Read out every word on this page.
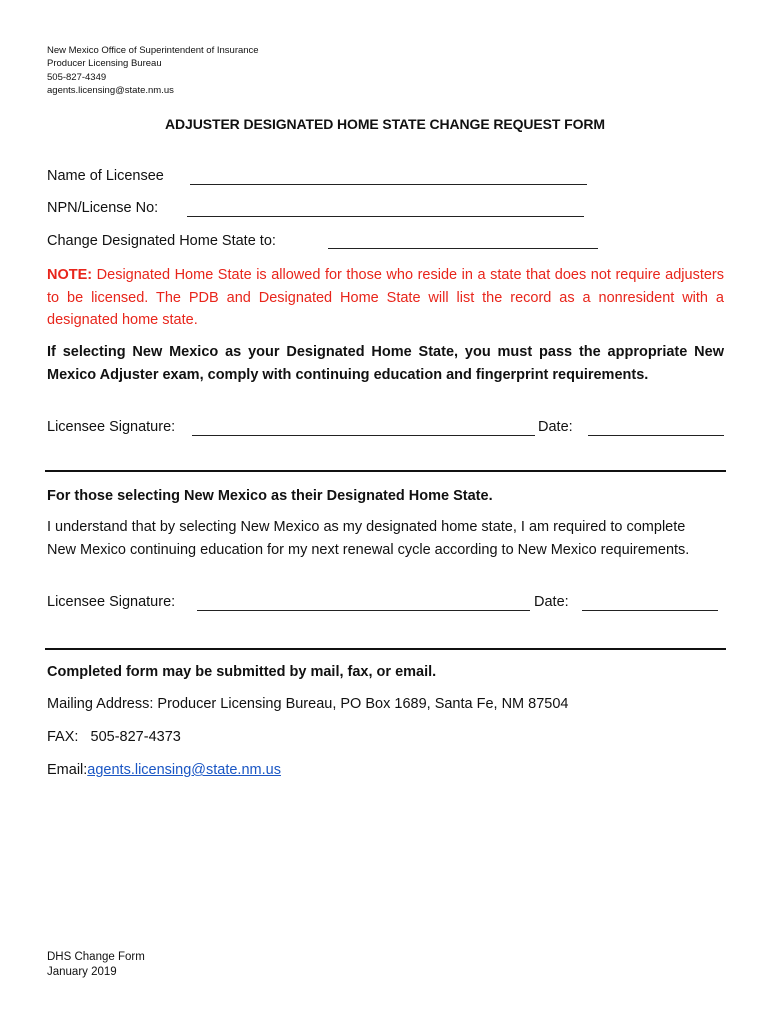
New Mexico Office of Superintendent of Insurance
Producer Licensing Bureau
505-827-4349
agents.licensing@state.nm.us
ADJUSTER DESIGNATED HOME STATE CHANGE REQUEST FORM
Name of Licensee
NPN/License No:
Change Designated Home State to:
NOTE: Designated Home State is allowed for those who reside in a state that does not require adjusters to be licensed. The PDB and Designated Home State will list the record as a nonresident with a designated home state.
If selecting New Mexico as your Designated Home State, you must pass the appropriate New Mexico Adjuster exam, comply with continuing education and fingerprint requirements.
Licensee Signature:	Date:
For those selecting New Mexico as their Designated Home State.
I understand that by selecting New Mexico as my designated home state, I am required to complete New Mexico continuing education for my next renewal cycle according to New Mexico requirements.
Licensee Signature:	Date:
Completed form may be submitted by mail, fax, or email.
Mailing Address: Producer Licensing Bureau, PO Box 1689, Santa Fe, NM 87504
FAX: 505-827-4373
Email:agents.licensing@state.nm.us
DHS Change Form
January 2019
